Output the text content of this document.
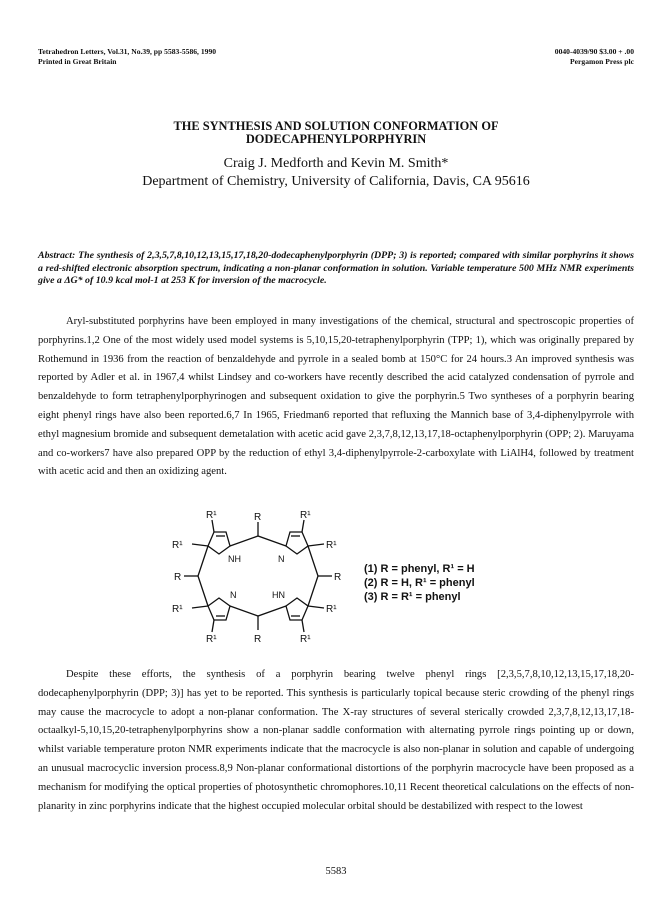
Tetrahedron Letters, Vol.31, No.39, pp 5583-5586, 1990
Printed in Great Britain
0040-4039/90 $3.00 + .00
Pergamon Press plc
THE SYNTHESIS AND SOLUTION CONFORMATION OF
DODECAPHENYLPORPHYRIN
Craig J. Medforth and Kevin M. Smith*
Department of Chemistry, University of California, Davis, CA 95616
Abstract: The synthesis of 2,3,5,7,8,10,12,13,15,17,18,20-dodecaphenylporphyrin (DPP; 3) is reported; compared with similar porphyrins it shows a red-shifted electronic absorption spectrum, indicating a non-planar conformation in solution. Variable temperature 500 MHz NMR experiments give a ΔG* of 10.9 kcal mol-1 at 253 K for inversion of the macrocycle.

Aryl-substituted porphyrins have been employed in many investigations of the chemical, structural and spectroscopic properties of porphyrins.1,2 One of the most widely used model systems is 5,10,15,20-tetraphenylporphyrin (TPP; 1), which was originally prepared by Rothemund in 1936 from the reaction of benzaldehyde and pyrrole in a sealed bomb at 150°C for 24 hours.3 An improved synthesis was reported by Adler et al. in 1967,4 whilst Lindsey and co-workers have recently described the acid catalyzed condensation of pyrrole and benzaldehyde to form tetraphenylporphyrinogen and subsequent oxidation to give the porphyrin.5 Two syntheses of a porphyrin bearing eight phenyl rings have also been reported.6,7 In 1965, Friedman6 reported that refluxing the Mannich base of 3,4-diphenylpyrrole with ethyl magnesium bromide and subsequent demetalation with acetic acid gave 2,3,7,8,12,13,17,18-octaphenylporphyrin (OPP; 2). Maruyama and co-workers7 have also prepared OPP by the reduction of ethyl 3,4-diphenylpyrrole-2-carboxylate with LiAlH4, followed by treatment with acetic acid and then an oxidizing agent.

R¹	R	R¹
R¹	R¹
R	R
R¹	R¹
R¹	R	R¹
NH	N
N	HN
(1) R = phenyl, R¹ = H
(2) R = H, R¹ = phenyl
(3) R = R¹ = phenyl

Despite these efforts, the synthesis of a porphyrin bearing twelve phenyl rings [2,3,5,7,8,10,12,13,15,17,18,20-dodecaphenylporphyrin (DPP; 3)] has yet to be reported. This synthesis is particularly topical because steric crowding of the phenyl rings may cause the macrocycle to adopt a non-planar conformation. The X-ray structures of several sterically crowded 2,3,7,8,12,13,17,18-octaalkyl-5,10,15,20-tetraphenylporphyrins show a non-planar saddle conformation with alternating pyrrole rings pointing up or down, whilst variable temperature proton NMR experiments indicate that the macrocycle is also non-planar in solution and capable of undergoing an unusual macrocyclic inversion process.8,9 Non-planar conformational distortions of the porphyrin macrocycle have been proposed as a mechanism for modifying the optical properties of photosynthetic chromophores.10,11 Recent theoretical calculations on the effects of non-planarity in zinc porphyrins indicate that the highest occupied molecular orbital should be destabilized with respect to the lowest

5583
